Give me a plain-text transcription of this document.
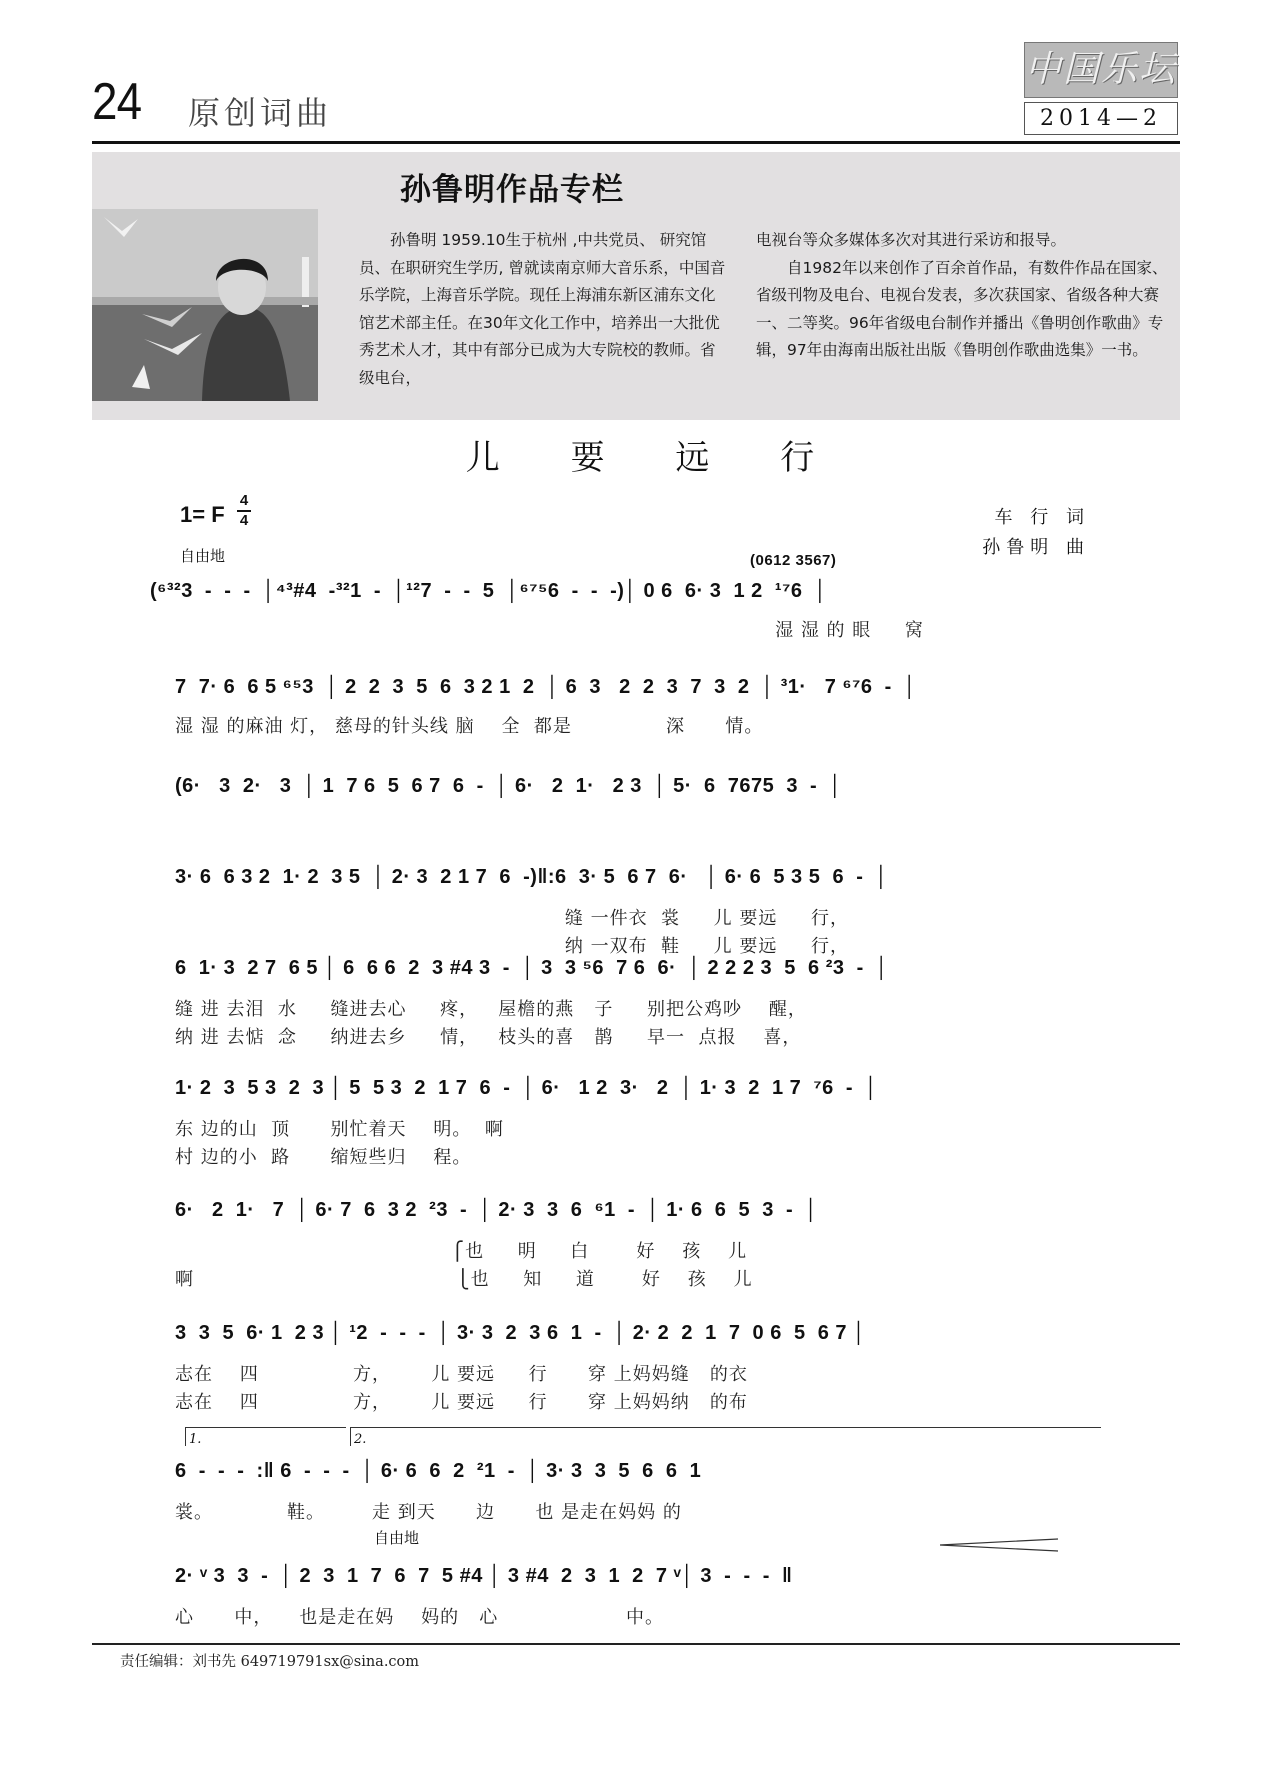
24 原创词曲
中国乐坛
2014—2
孙鲁明作品专栏

孙鲁明 1959.10生于杭州 ,中共党员、 研究馆员、在职研究生学历, 曾就读南京师大音乐系，中国音乐学院，上海音乐学院。现任上海浦东新区浦东文化馆艺术部主任。在30年文化工作中，培养出一大批优秀艺术人才，其中有部分已成为大专院校的教师。省级电台，

电视台等众多媒体多次对其进行采访和报导。

自1982年以来创作了百余首作品，有数件作品在国家、省级刊物及电台、电视台发表，多次获国家、省级各种大赛一、二等奖。96年省级电台制作并播出《鲁明创作歌曲》专辑，97年由海南出版社出版《鲁明创作歌曲选集》一书。

儿 要 远 行
1= F
4
4
自由地
车 行 词
孙鲁明 曲
(0612 3567)
(⁶³²3  -  -  -  │⁴³#4  -³²1  -  │¹²7  -  -  5  │⁶⁷⁵6  -  -  -)│ 0 6  6· 3  1 2  ¹⁷6  │
湿 湿 的 眼     窝
7  7· 6  6 5 ⁶⁵3  │ 2  2  3  5  6  3 2 1  2  │ 6  3   2  2  3  7  3  2  │ ³1·   7 ⁶⁷6  -  │
湿 湿 的麻油 灯， 慈母的针头线 脑    全  都是              深      情。
(6·   3  2·   3  │ 1  7 6  5  6 7  6  -  │ 6·   2  1·   2 3  │ 5·  6  7675  3  -  │
3· 6  6 3 2  1· 2  3 5  │ 2· 3  2 1 7  6  -)‖:6  3· 5  6 7  6·   │ 6· 6  5 3 5  6  -  │
缝 一件衣  裳     儿 要远     行，
纳 一双布  鞋     儿 要远     行，
6  1· 3  2 7  6 5 │ 6  6 6  2  3 #4 3  -  │ 3  3 ⁵6  7 6  6·  │ 2 2 2 3  5  6 ²3  -  │
缝 进 去泪  水     缝进去心     疼，   屋檐的燕   子     别把公鸡吵    醒，
纳 进 去惦  念     纳进去乡     情，   枝头的喜   鹊     早一  点报    喜，
1· 2  3  5 3  2  3 │ 5  5 3  2  1 7  6  -  │ 6·   1 2  3·   2  │ 1· 3  2  1 7  ⁷6  -  │
东 边的山  顶      别忙着天    明。  啊
村 边的小  路      缩短些归    程。
6·   2  1·   7  │ 6· 7  6  3 2  ²3  -  │ 2· 3  3  6  ⁶1  -  │ 1· 6  6  5  3  -  │
⎧也     明     白       好    孩    儿
啊                                       ⎩也     知     道       好    孩    儿
3  3  5  6· 1  2 3 │ ¹2  -  -  -  │ 3· 3  2  3 6  1  -  │ 2· 2  2  1  7  0 6  5  6 7 │
志在    四              方，      儿 要远     行      穿 上妈妈缝   的衣
志在    四              方，      儿 要远     行      穿 上妈妈纳   的布
1.	2.
6  -  -  -  :‖ 6  -  -  -  │ 6· 6  6  2  ²1  -  │ 3· 3  3  5  6  6  1
裳。           鞋。       走 到天      边      也 是走在妈妈 的
自由地
2· ᵛ 3  3  -  │ 2  3  1  7  6  7  5 #4 │ 3 #4  2  3  1  2  7 ᵛ│ 3  -  -  -  ‖
心      中，    也是走在妈    妈的   心                   中。
责任编辑：刘书先 649719791sx@sina.com
